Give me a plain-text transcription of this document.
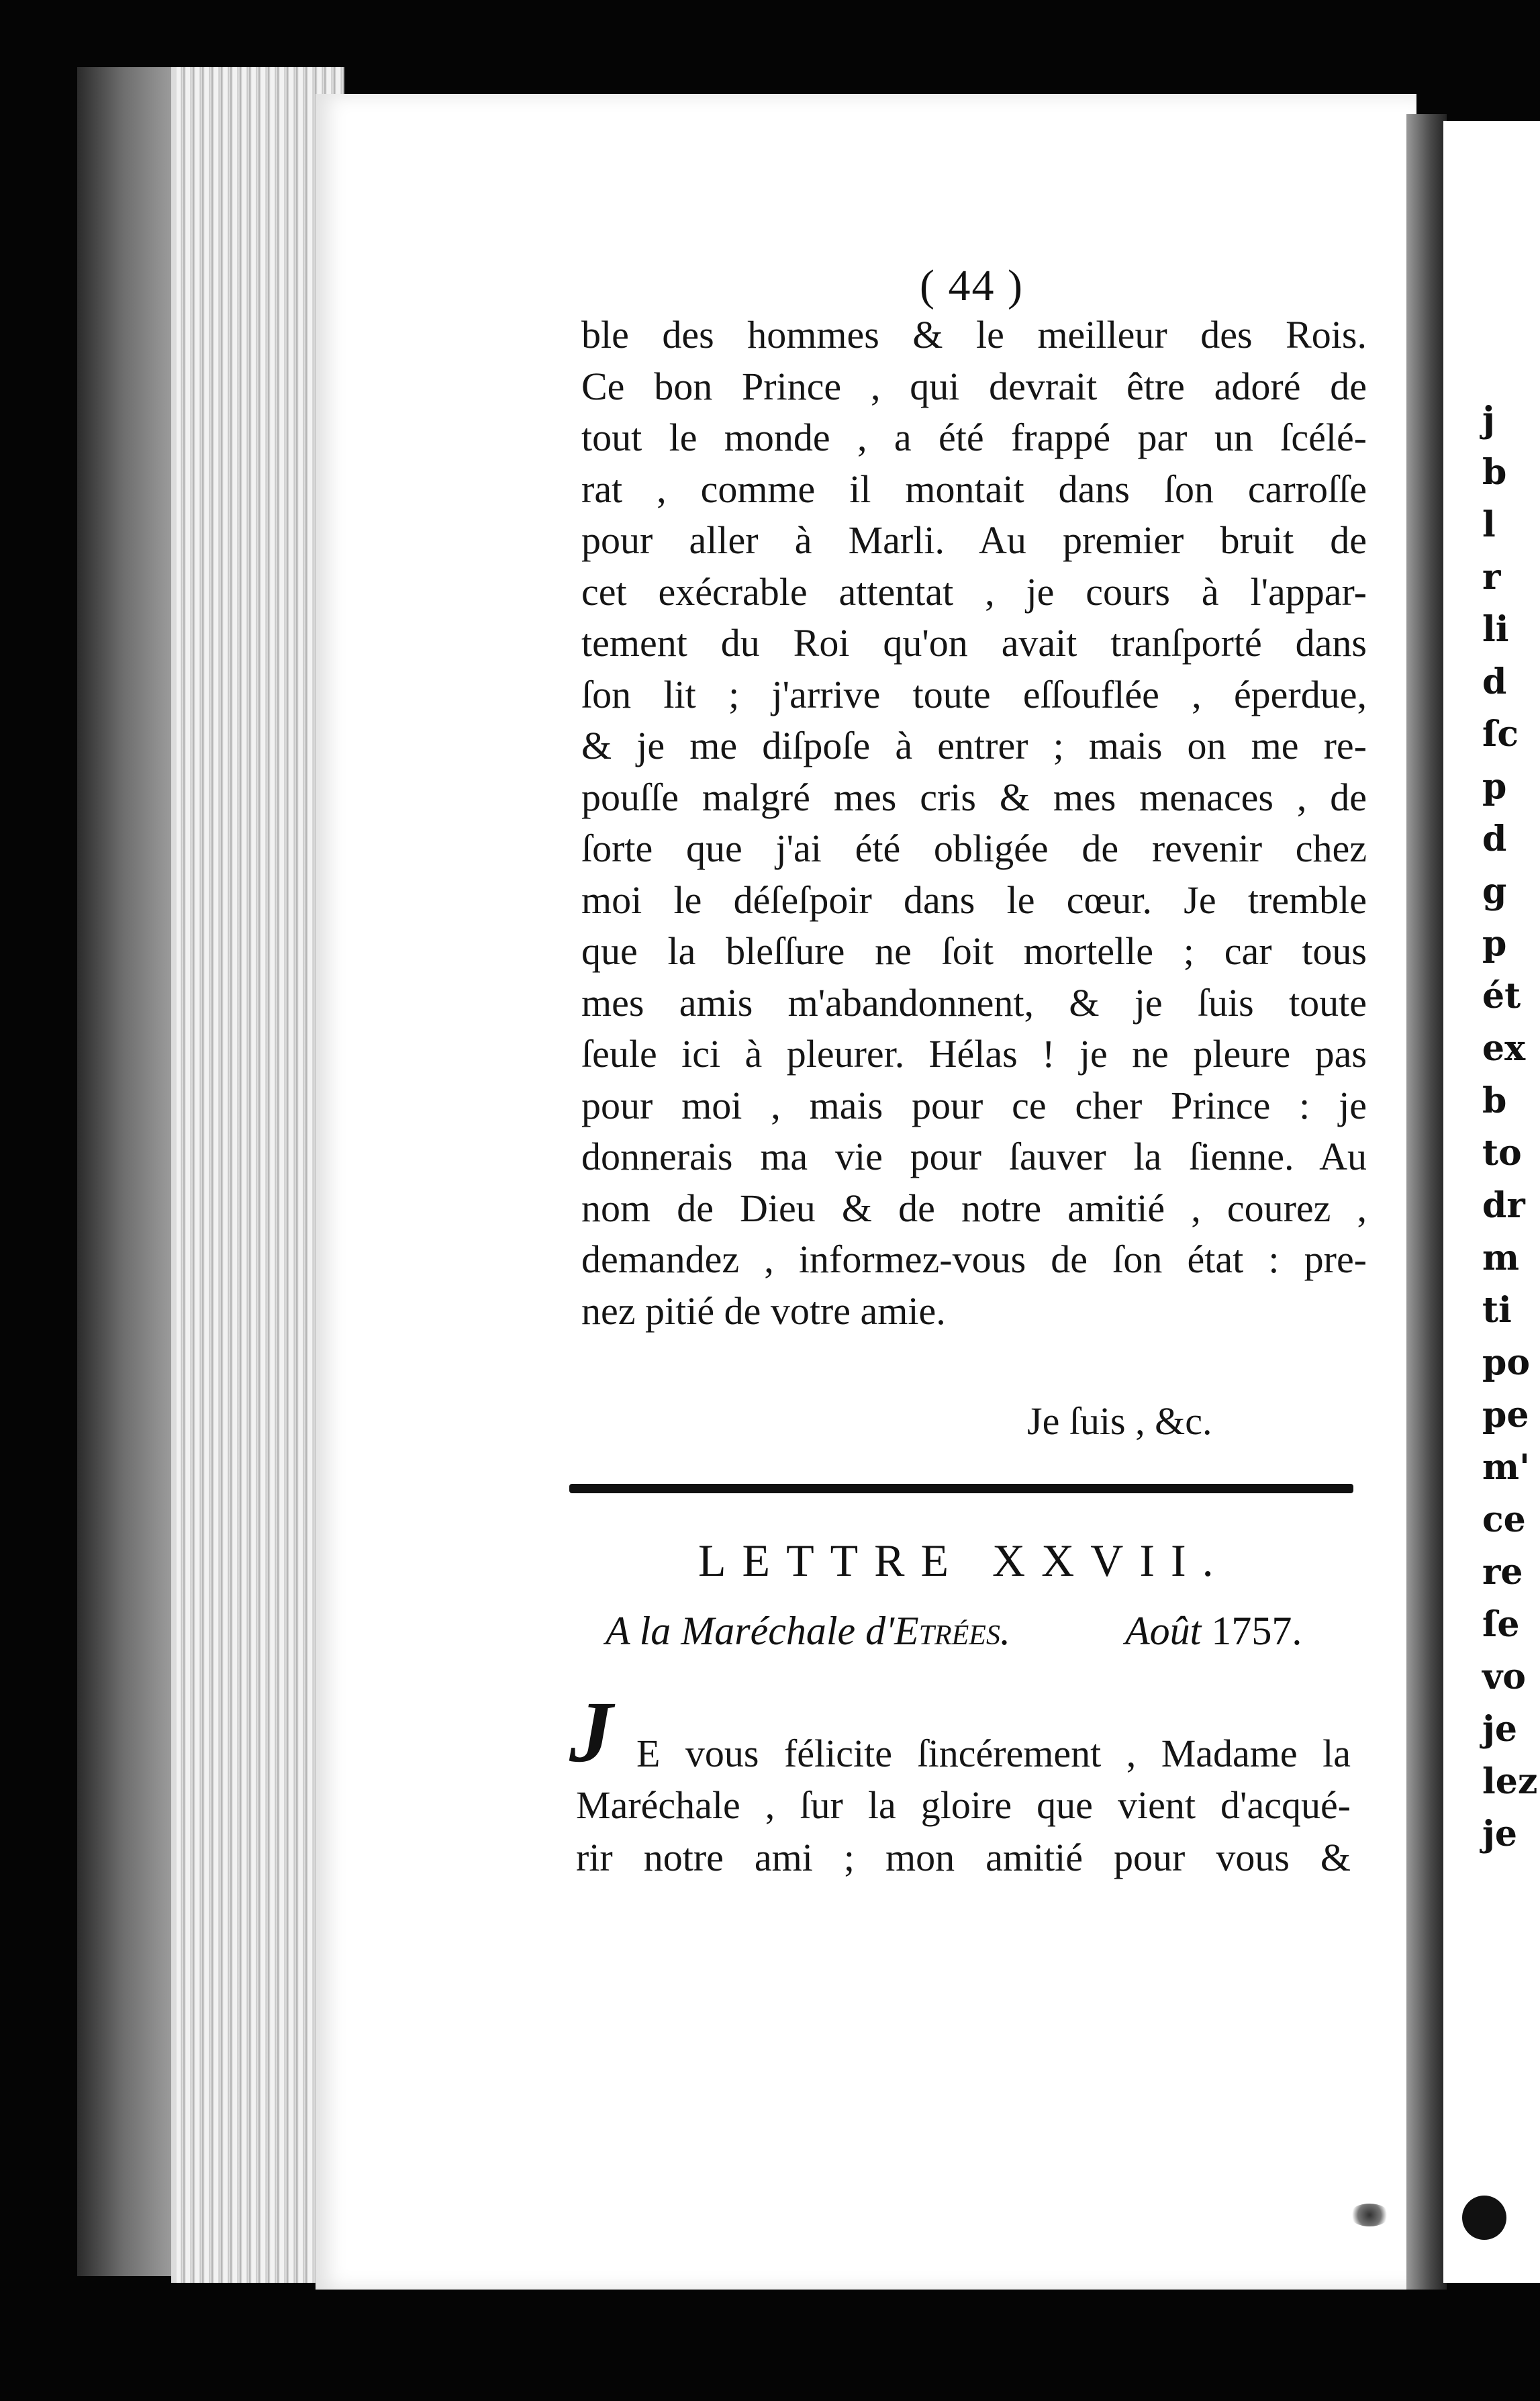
j
b
l
r
li
d
ſc
p
d
g
p
ét
ex
b
to
dr
m
ti
po
pe
m'
ce
re
ſe
vo
je
lez
je
( 44 )
ble des hommes & le meilleur des Rois.
Ce bon Prince , qui devrait être adoré de
tout le monde , a été frappé par un ſcélé-
rat , comme il montait dans ſon carroſſe
pour aller à Marli. Au premier bruit de
cet exécrable attentat , je cours à l'appar-
tement du Roi qu'on avait tranſporté dans
ſon lit ; j'arrive toute eſſouflée , éperdue,
& je me diſpoſe à entrer ; mais on me re-
pouſſe malgré mes cris & mes menaces , de
ſorte que j'ai été obligée de revenir chez
moi le déſeſpoir dans le cœur. Je tremble
que la bleſſure ne ſoit mortelle ; car tous
mes amis m'abandonnent, & je ſuis toute
ſeule ici à pleurer. Hélas ! je ne pleure pas
pour moi , mais pour ce cher Prince : je
donnerais ma vie pour ſauver la ſienne. Au
nom de Dieu & de notre amitié , courez ,
demandez , informez-vous de ſon état : pre-
nez pitié de votre amie.
Je ſuis , &c.
LETTRE XXVII.
A la Maréchale d'Etrées.	Août 1757.
J E vous félicite ſincérement , Madame la
Maréchale , ſur la gloire que vient d'acqué-
rir notre ami ; mon amitié pour vous &
